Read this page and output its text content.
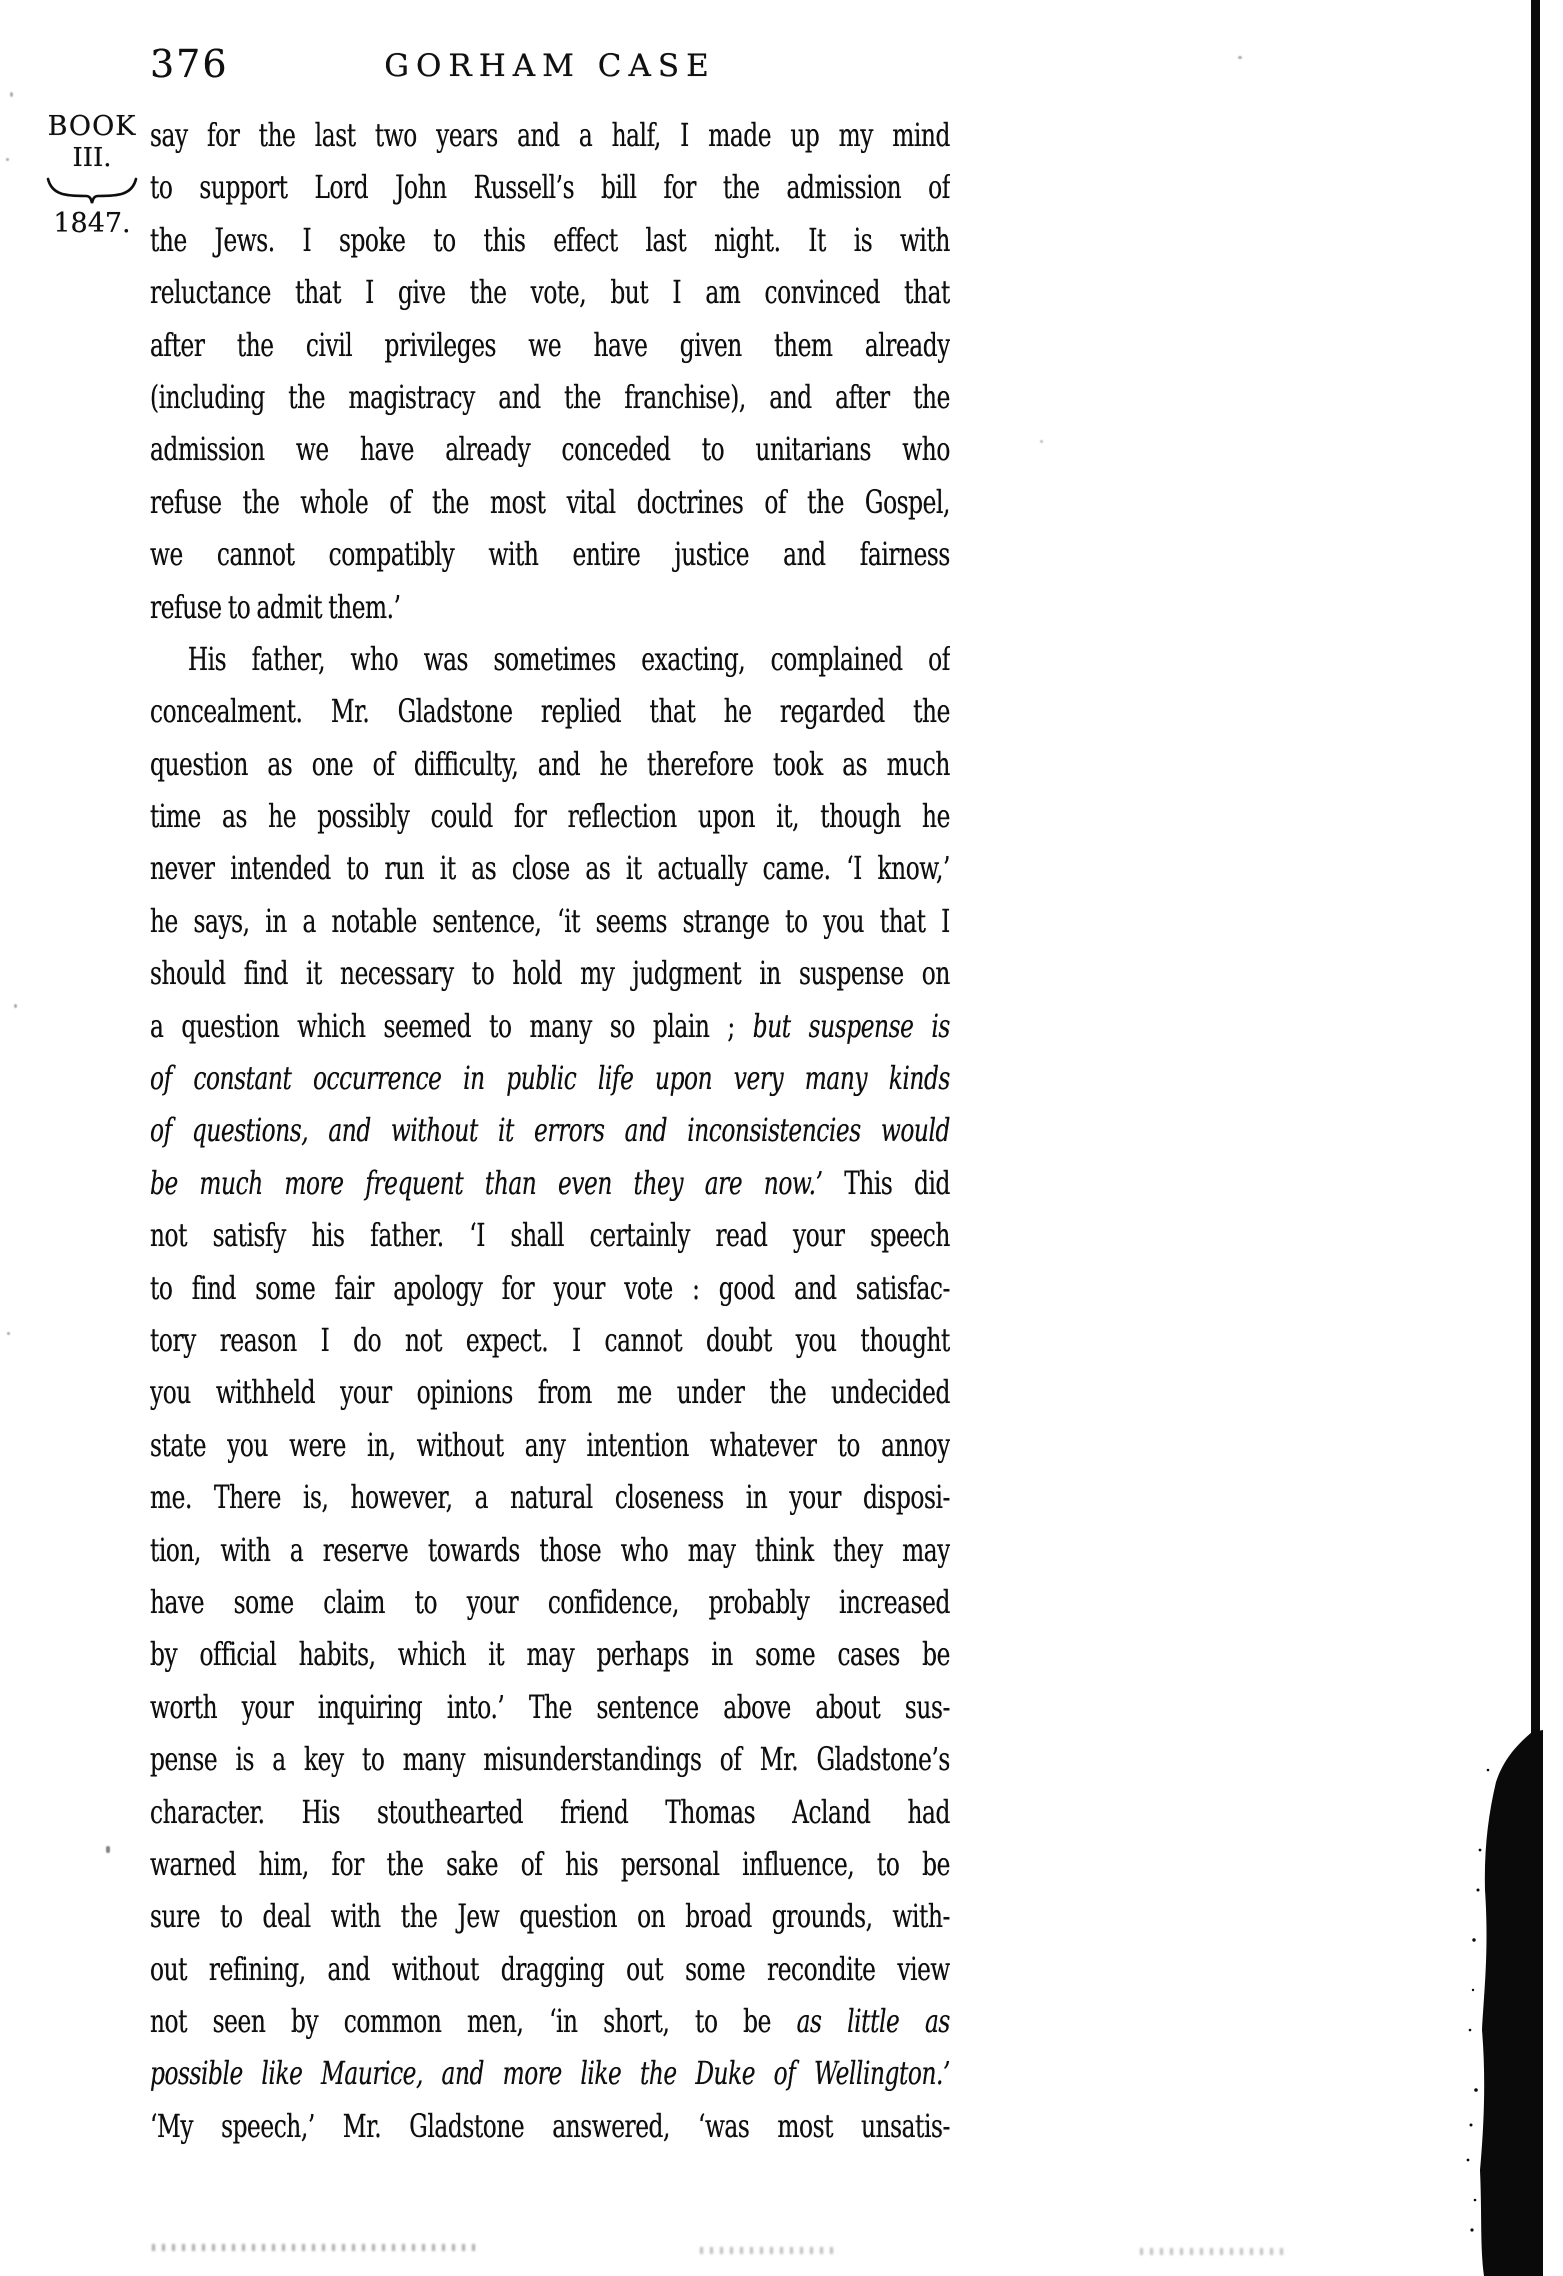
376	GORHAM CASE
BOOK
III.
1847.
say for the last two years and a half, I made up my mind
to support Lord John Russell’s bill for the admission of
the Jews. I spoke to this effect last night. It is with
reluctance that I give the vote, but I am convinced that
after the civil privileges we have given them already
(including the magistracy and the franchise), and after the
admission we have already conceded to unitarians who
refuse the whole of the most vital doctrines of the Gospel,
we cannot compatibly with entire justice and fairness
refuse to admit them.’
His father, who was sometimes exacting, complained of
concealment. Mr. Gladstone replied that he regarded the
question as one of difficulty, and he therefore took as much
time as he possibly could for reflection upon it, though he
never intended to run it as close as it actually came. ‘I know,’
he says, in a notable sentence, ‘it seems strange to you that I
should find it necessary to hold my judgment in suspense on
a question which seemed to many so plain ; but suspense is
of constant occurrence in public life upon very many kinds
of questions, and without it errors and inconsistencies would
be much more frequent than even they are now.’ This did
not satisfy his father. ‘I shall certainly read your speech
to find some fair apology for your vote : good and satisfac-
tory reason I do not expect. I cannot doubt you thought
you withheld your opinions from me under the undecided
state you were in, without any intention whatever to annoy
me. There is, however, a natural closeness in your disposi-
tion, with a reserve towards those who may think they may
have some claim to your confidence, probably increased
by official habits, which it may perhaps in some cases be
worth your inquiring into.’ The sentence above about sus-
pense is a key to many misunderstandings of Mr. Gladstone’s
character. His stouthearted friend Thomas Acland had
warned him, for the sake of his personal influence, to be
sure to deal with the Jew question on broad grounds, with-
out refining, and without dragging out some recondite view
not seen by common men, ‘in short, to be as little as
possible like Maurice, and more like the Duke of Wellington.’
‘My speech,’ Mr. Gladstone answered, ‘was most unsatis-
